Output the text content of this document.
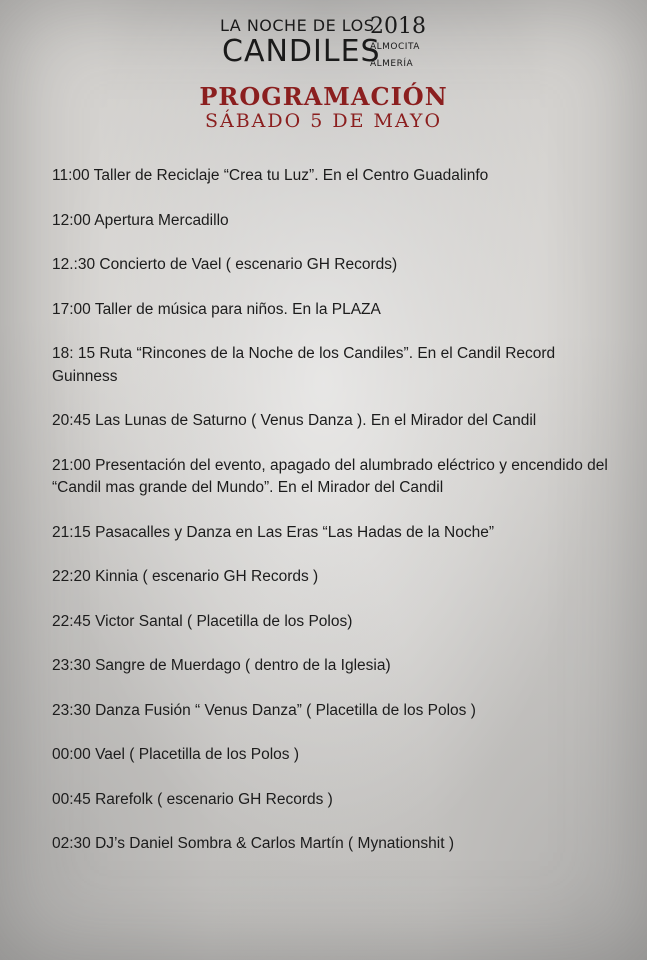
LA NOCHE DE LOS
CANDILES
2018
ALMOCITA
ALMERÍA
PROGRAMACIÓN
SÁBADO 5 DE MAYO
11:00 Taller de Reciclaje “Crea tu Luz”. En el Centro Guadalinfo
12:00 Apertura Mercadillo
12.:30 Concierto de Vael ( escenario GH Records)
17:00 Taller de música para niños. En la PLAZA
18: 15 Ruta “Rincones de la Noche de los Candiles”. En el Candil Record Guinness
20:45 Las Lunas de Saturno ( Venus Danza ). En el Mirador del Candil
21:00 Presentación del evento, apagado del alumbrado eléctrico y encendido del “Candil mas grande del Mundo”. En el Mirador del Candil
21:15 Pasacalles y Danza en Las Eras “Las Hadas de la Noche”
22:20 Kinnia ( escenario GH Records )
22:45 Victor Santal ( Placetilla de los Polos)
23:30 Sangre de Muerdago ( dentro de la Iglesia)
23:30 Danza Fusión “ Venus Danza” ( Placetilla de los Polos )
00:00 Vael ( Placetilla de los Polos )
00:45 Rarefolk ( escenario GH Records )
02:30 DJ’s Daniel Sombra & Carlos Martín ( Mynationshit )
